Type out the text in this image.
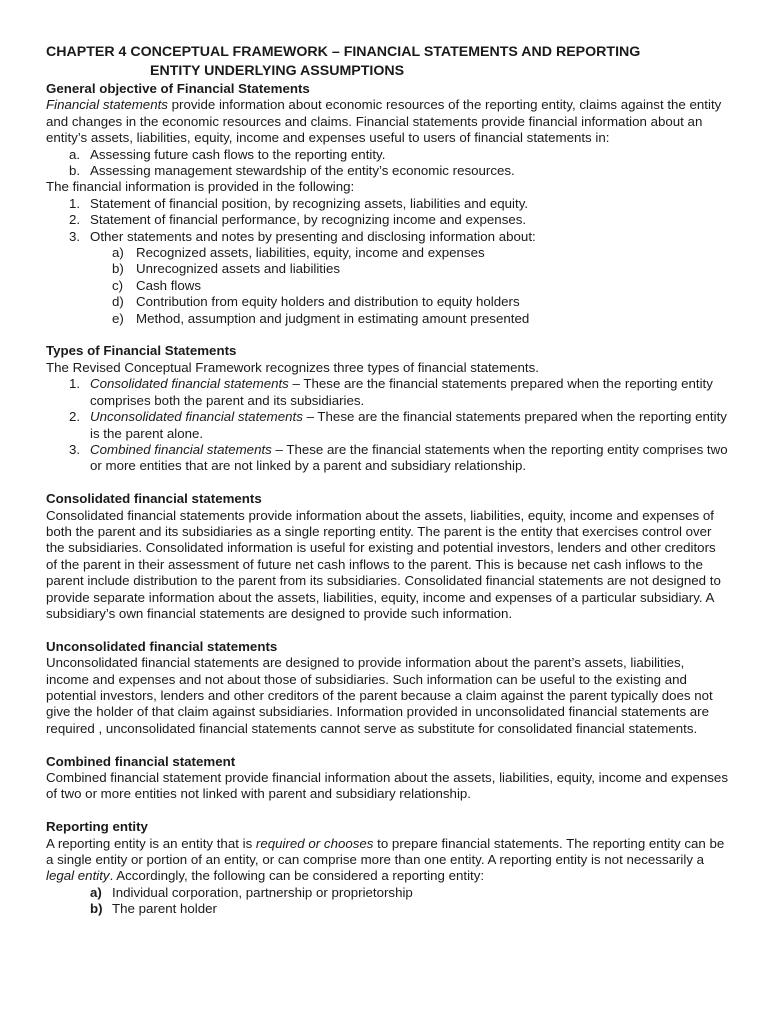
CHAPTER 4 CONCEPTUAL FRAMEWORK – FINANCIAL STATEMENTS AND REPORTING
ENTITY UNDERLYING ASSUMPTIONS
General objective of Financial Statements

Financial statements provide information about economic resources of the reporting entity, claims against the entity and changes in the economic resources and claims. Financial statements provide financial information about an entity’s assets, liabilities, equity, income and expenses useful to users of financial statements in:

a. Assessing future cash flows to the reporting entity.
b. Assessing management stewardship of the entity’s economic resources.

The financial information is provided in the following:

1. Statement of financial position, by recognizing assets, liabilities and equity.
2. Statement of financial performance, by recognizing income and expenses.
3. Other statements and notes by presenting and disclosing information about:
a) Recognized assets, liabilities, equity, income and expenses
b) Unrecognized assets and liabilities
c) Cash flows
d) Contribution from equity holders and distribution to equity holders
e) Method, assumption and judgment in estimating amount presented
Types of Financial Statements

The Revised Conceptual Framework recognizes three types of financial statements.

1. Consolidated financial statements – These are the financial statements prepared when the reporting entity comprises both the parent and its subsidiaries.
2. Unconsolidated financial statements – These are the financial statements prepared when the reporting entity is the parent alone.
3. Combined financial statements – These are the financial statements when the reporting entity comprises two or more entities that are not linked by a parent and subsidiary relationship.
Consolidated financial statements

Consolidated financial statements provide information about the assets, liabilities, equity, income and expenses of both the parent and its subsidiaries as a single reporting entity. The parent is the entity that exercises control over the subsidiaries. Consolidated information is useful for existing and potential investors, lenders and other creditors of the parent in their assessment of future net cash inflows to the parent. This is because net cash inflows to the parent include distribution to the parent from its subsidiaries. Consolidated financial statements are not designed to provide separate information about the assets, liabilities, equity, income and expenses of a particular subsidiary. A subsidiary’s own financial statements are designed to provide such information.

Unconsolidated financial statements

Unconsolidated financial statements are designed to provide information about the parent’s assets, liabilities, income and expenses and not about those of subsidiaries. Such information can be useful to the existing and potential investors, lenders and other creditors of the parent because a claim against the parent typically does not give the holder of that claim against subsidiaries. Information provided in unconsolidated financial statements are required , unconsolidated financial statements cannot serve as substitute for consolidated financial statements.

Combined financial statement

Combined financial statement provide financial information about the assets, liabilities, equity, income and expenses of two or more entities not linked with parent and subsidiary relationship.

Reporting entity

A reporting entity is an entity that is required or chooses to prepare financial statements. The reporting entity can be a single entity or portion of an entity, or can comprise more than one entity. A reporting entity is not necessarily a legal entity. Accordingly, the following can be considered a reporting entity:

a) Individual corporation, partnership or proprietorship
b) The parent holder
